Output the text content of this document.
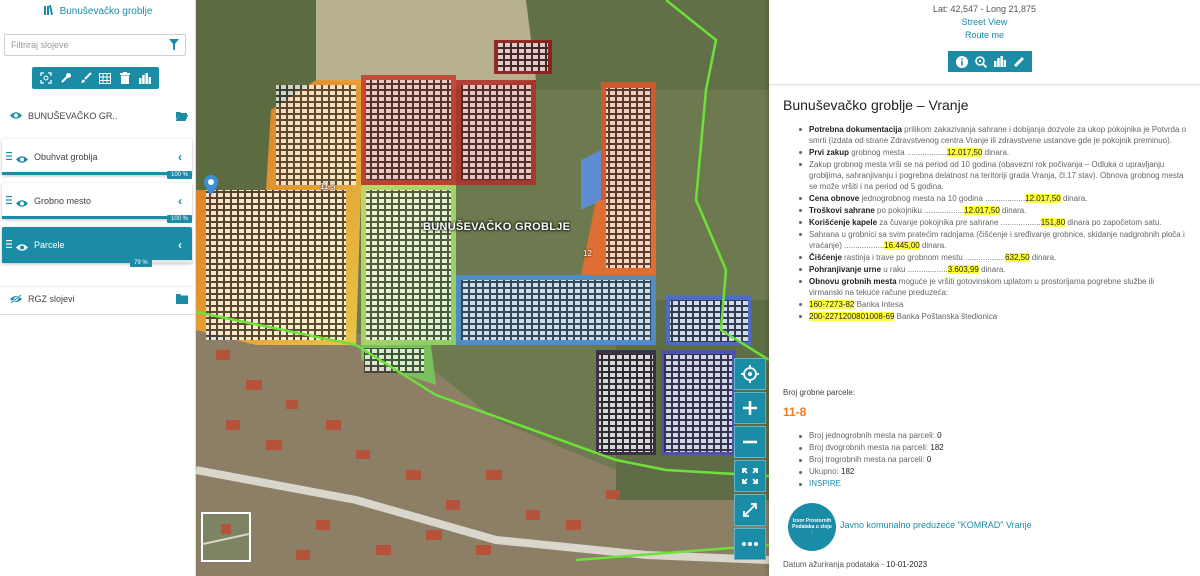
Bunuševačko groblje
Filtriraj slojeve
BUNUŠEVAČKO GR..
Obuhvat groblja	‹
100 %
Grobno mesto	‹
100 %
Parcele	‹
79 %
RGZ slojevi
11-5
12
BUNUŠEVAČKO GROBLJE
Lat: 42,547 - Long 21,875
Street View
Route me
Bunuševačko groblje – Vranje
Potrebna dokumentacija prilikom zakazivanja sahrane i dobijanja dozvole za ukop pokojnika je Potvrda o smrti (izdata od strane Zdravstvenog centra Vranje ili zdravstvene ustanove gde je pokojnik preminuo).
Prvi zakup grobnog mesta ..................12.017,50 dinara.
Zakup grobnog mesta vrši se na period od 10 godina (obavezni rok počivanja – Odluka o upravljanju grobljima, sahranjivanju i pogrebna delatnost na teritoriji grada Vranja, čl.17 stav). Obnova grobnog mesta se može vršiti i na period od 5 godina.
Cena obnove jednogrobnog mesta na 10 godina ..................12.017,50 dinara.
Troškovi sahrane po pokojniku ..................12.017,50 dinara.
Korišćenje kapele za čuvanje pokojnika pre sahrane ..................151,80 dinara po započetom satu.
Sahrana u grobnici sa svim pratećim radnjama (čišćenje i sređivanje grobnice, skidanje nadgrobnih ploča i vraćanje) ..................16.445,00 dinara.
Čišćenje rastinja i trave po grobnom mestu ..................632,50 dinara.
Pohranjivanje urne u raku ..................3.603,99 dinara.
Obnovu grobnih mesta moguće je vršiti gotovinskom uplatom u prostorijama pogrebne službe ili virmanski na tekuće račune preduzeća:
160-7273-82 Banka Intesa
200-2271200801008-69 Banka Poštanska štedionica
Broj grobne parcele:
11-8
Broj jednogrobnih mesta na parceli: 0
Broj dvogrobnih mesta na parceli: 182
Broj trogrobnih mesta na parceli: 0
Ukupno: 182
INSPIRE
Izvor Prostornih Podataka u sloju :
Javno komunalno preduzeće "KOMRAD" Vranje
Datum ažuriranja podataka - 10-01-2023
